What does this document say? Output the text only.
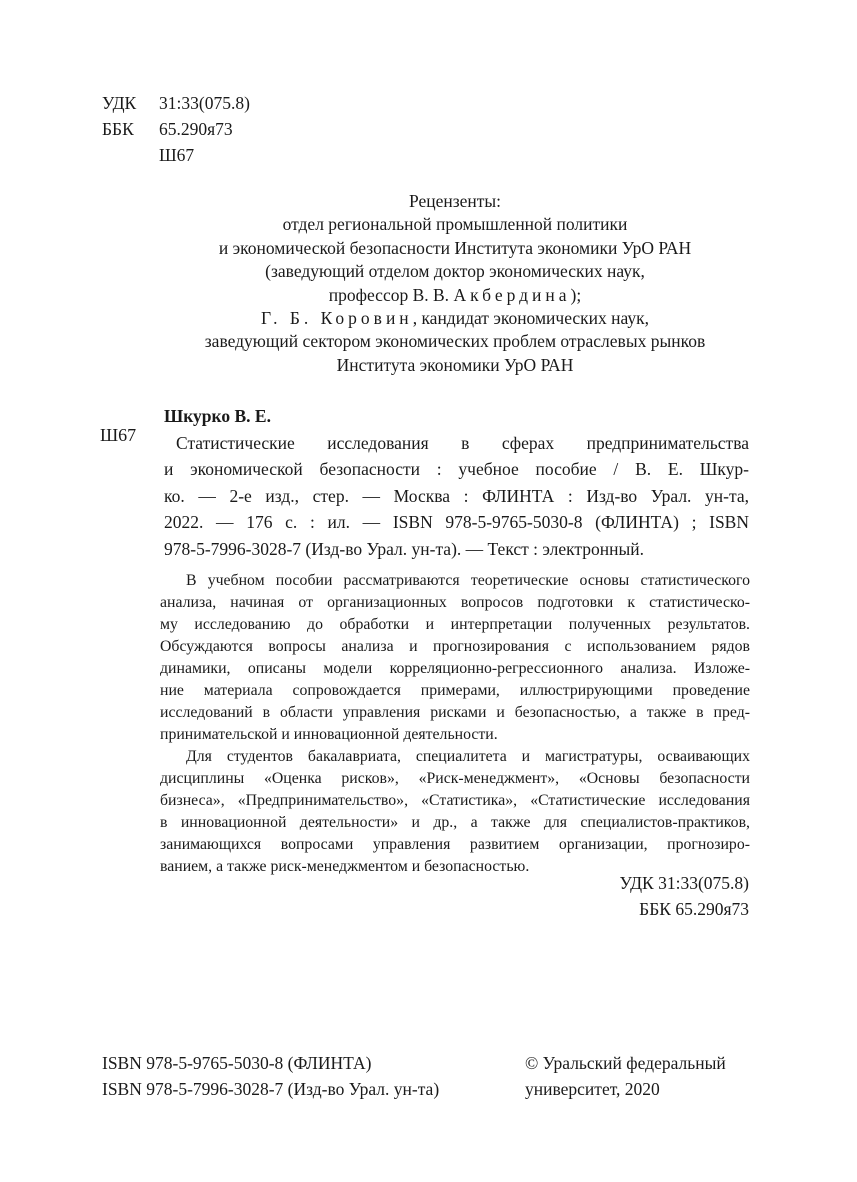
УДК	31:33(075.8)
ББК	65.290я73
Ш67
Рецензенты:
отдел региональной промышленной политики
и экономической безопасности Института экономики УрО РАН
(заведующий отделом доктор экономических наук,
профессор В. В. Акбердина);
Г. Б. Коровин, кандидат экономических наук,
заведующий сектором экономических проблем отраслевых рынков
Института экономики УрО РАН
Ш67
Шкурко В. Е.
Статистические исследования в сферах предпринимательства
и экономической безопасности : учебное пособие / В. Е. Шкур-
ко. — 2-е изд., стер. — Москва : ФЛИНТА : Изд-во Урал. ун-та,
2022. — 176 с. : ил. — ISBN 978-5-9765-5030-8 (ФЛИНТА) ; ISBN
978-5-7996-3028-7 (Изд-во Урал. ун-та). — Текст : электронный.
В учебном пособии рассматриваются теоретические основы статистического
анализа, начиная от организационных вопросов подготовки к статистическо-
му исследованию до обработки и интерпретации полученных результатов.
Обсуждаются вопросы анализа и прогнозирования с использованием рядов
динамики, описаны модели корреляционно-регрессионного анализа. Изложе-
ние материала сопровождается примерами, иллюстрирующими проведение
исследований в области управления рисками и безопасностью, а также в пред-
принимательской и инновационной деятельности.
Для студентов бакалавриата, специалитета и магистратуры, осваивающих
дисциплины «Оценка рисков», «Риск-менеджмент», «Основы безопасности
бизнеса», «Предпринимательство», «Статистика», «Статистические исследования
в инновационной деятельности» и др., а также для специалистов-практиков,
занимающихся вопросами управления развитием организации, прогнозиро-
ванием, а также риск-менеджментом и безопасностью.
УДК 31:33(075.8)
ББК 65.290я73
ISBN 978-5-9765-5030-8 (ФЛИНТА)
ISBN 978-5-7996-3028-7 (Изд-во Урал. ун-та)
© Уральский федеральный
университет, 2020
